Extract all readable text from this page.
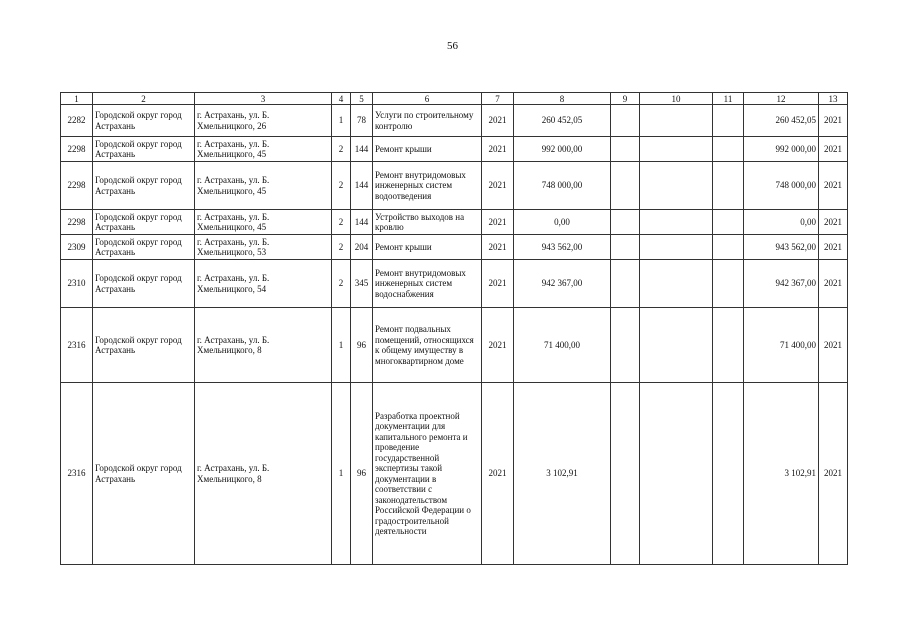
56
1	2	3	4	5	6	7	8	9	10	11	12	13
2282	Городской округ город Астрахань	г. Астрахань, ул. Б. Хмельницкого, 26	1	78	Услуги по строительному контролю	2021	260 452,05				260 452,05	2021
2298	Городской округ город Астрахань	г. Астрахань, ул. Б. Хмельницкого, 45	2	144	Ремонт крыши	2021	992 000,00				992 000,00	2021
2298	Городской округ город Астрахань	г. Астрахань, ул. Б. Хмельницкого, 45	2	144	Ремонт внутридомовых инженерных систем водоотведения	2021	748 000,00				748 000,00	2021
2298	Городской округ город Астрахань	г. Астрахань, ул. Б. Хмельницкого, 45	2	144	Устройство выходов на кровлю	2021	0,00				0,00	2021
2309	Городской округ город Астрахань	г. Астрахань, ул. Б. Хмельницкого, 53	2	204	Ремонт крыши	2021	943 562,00				943 562,00	2021
2310	Городской округ город Астрахань	г. Астрахань, ул. Б. Хмельницкого, 54	2	345	Ремонт внутридомовых инженерных систем водоснабжения	2021	942 367,00				942 367,00	2021
2316	Городской округ город Астрахань	г. Астрахань, ул. Б. Хмельницкого, 8	1	96	Ремонт подвальных помещений, относящихся к общему имуществу в многоквартирном доме	2021	71 400,00				71 400,00	2021
2316	Городской округ город Астрахань	г. Астрахань, ул. Б. Хмельницкого, 8	1	96	Разработка проектной документации для капитального ремонта и проведение государственной экспертизы такой документации в соответствии с законодательством Российской Федерации о градостроительной деятельности	2021	3 102,91				3 102,91	2021
